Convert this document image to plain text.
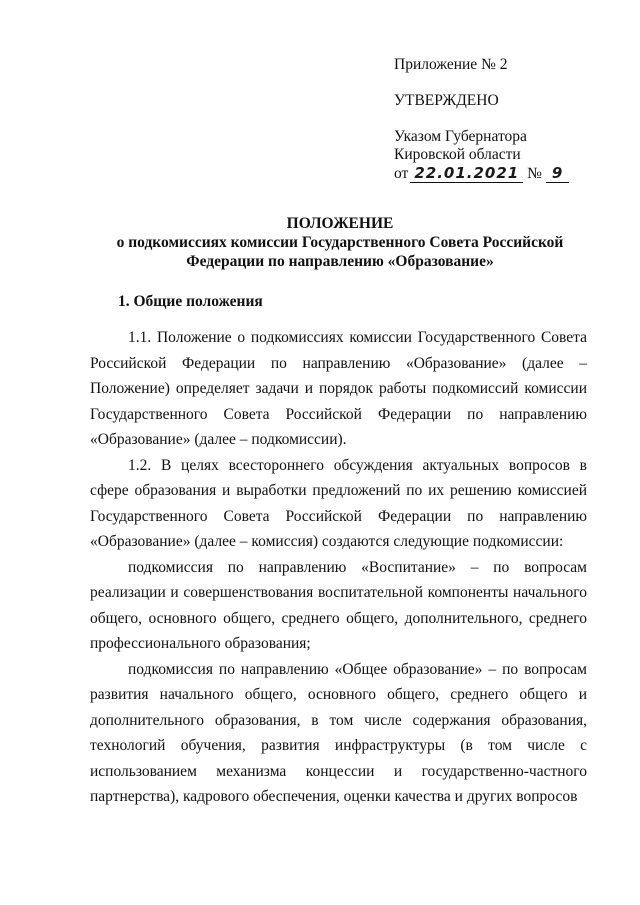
Приложение № 2
УТВЕРЖДЕНО
Указом Губернатора
Кировской области
от 22.01.2021 № 9
ПОЛОЖЕНИЕ
о подкомиссиях комиссии Государственного Совета Российской
Федерации по направлению «Образование»
1. Общие положения

1.1. Положение о подкомиссиях комиссии Государственного Совета Российской Федерации по направлению «Образование» (далее – Положение) определяет задачи и порядок работы подкомиссий комиссии Государственного Совета Российской Федерации по направлению «Образование» (далее – подкомиссии).

1.2. В целях всестороннего обсуждения актуальных вопросов в сфере образования и выработки предложений по их решению комиссией Государственного Совета Российской Федерации по направлению «Образование» (далее – комиссия) создаются следующие подкомиссии:

подкомиссия по направлению «Воспитание» – по вопросам реализации и совершенствования воспитательной компоненты начального общего, основного общего, среднего общего, дополнительного, среднего профессионального образования;

подкомиссия по направлению «Общее образование» – по вопросам развития начального общего, основного общего, среднего общего и дополнительного образования, в том числе содержания образования, технологий обучения, развития инфраструктуры (в том числе с использованием механизма концессии и государственно-частного партнерства), кадрового обеспечения, оценки качества и других вопросов
